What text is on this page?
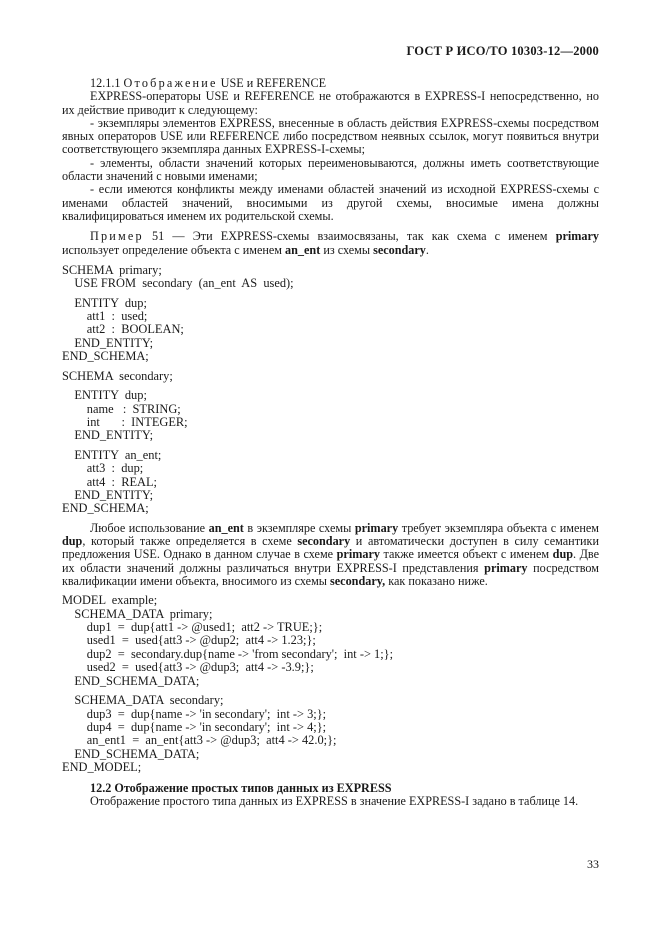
ГОСТ Р ИСО/ТО 10303-12—2000

12.1.1 Отображение USE и REFERENCE

EXPRESS-операторы USE и REFERENCE не отображаются в EXPRESS-I непосредственно, но их действие приводит к следующему:

- экземпляры элементов EXPRESS, внесенные в область действия EXPRESS-схемы посредством явных операторов USE или REFERENCE либо посредством неявных ссылок, могут появиться внутри соответствующего экземпляра данных EXPRESS-I-схемы;

- элементы, области значений которых переименовываются, должны иметь соответствующие области значений с новыми именами;

- если имеются конфликты между именами областей значений из исходной EXPRESS-схемы с именами областей значений, вносимыми из другой схемы, вносимые имена должны квалифицироваться именем их родительской схемы.

Пример 51 — Эти EXPRESS-схемы взаимосвязаны, так как схема с именем primary использует определение объекта с именем an_ent из схемы secondary.

SCHEMA  primary;
USE FROM  secondary  (an_ent  AS  used);
ENTITY  dup;
att1  :  used;
att2  :  BOOLEAN;
END_ENTITY;
END_SCHEMA;
SCHEMA  secondary;
ENTITY  dup;
name   :  STRING;
int       :  INTEGER;
END_ENTITY;
ENTITY  an_ent;
att3  :  dup;
att4  :  REAL;
END_ENTITY;
END_SCHEMA;

Любое использование an_ent в экземпляре схемы primary требует экземпляра объекта с именем dup, который также определяется в схеме secondary и автоматически доступен в силу семантики предложения USE. Однако в данном случае в схеме primary также имеется объект с именем dup. Две их области значений должны различаться внутри EXPRESS-I представления primary посредством квалификации имени объекта, вносимого из схемы secondary, как показано ниже.

MODEL  example;
SCHEMA_DATA  primary;
dup1  =  dup{att1 -> @used1;  att2 -> TRUE;};
used1  =  used{att3 -> @dup2;  att4 -> 1.23;};
dup2  =  secondary.dup{name -> 'from secondary';  int -> 1;};
used2  =  used{att3 -> @dup3;  att4 -> -3.9;};
END_SCHEMA_DATA;
SCHEMA_DATA  secondary;
dup3  =  dup{name -> 'in secondary';  int -> 3;};
dup4  =  dup{name -> 'in secondary';  int -> 4;};
an_ent1  =  an_ent{att3 -> @dup3;  att4 -> 42.0;};
END_SCHEMA_DATA;
END_MODEL;

12.2 Отображение простых типов данных из EXPRESS

Отображение простого типа данных из EXPRESS в значение EXPRESS-I задано в таблице 14.

33
